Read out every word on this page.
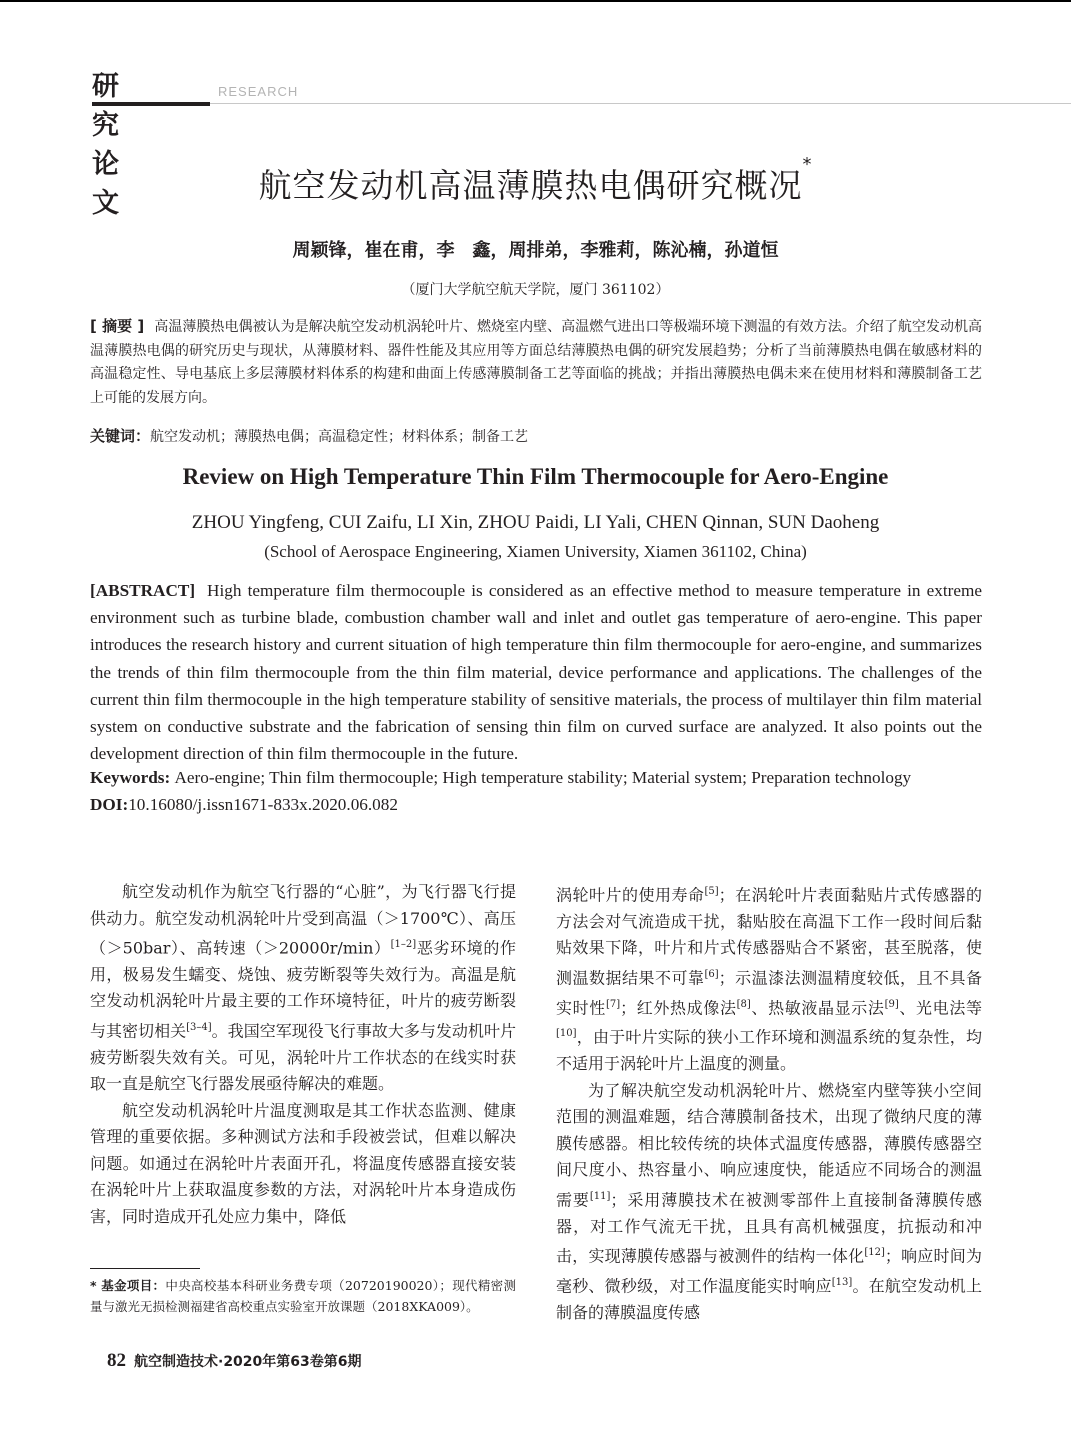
研究论文
RESEARCH
航空发动机高温薄膜热电偶研究概况*
周颖锋，崔在甫，李　鑫，周排弟，李雅莉，陈沁楠，孙道恒
（厦门大学航空航天学院，厦门 361102）
[ 摘要 ] 高温薄膜热电偶被认为是解决航空发动机涡轮叶片、燃烧室内壁、高温燃气进出口等极端环境下测温的有效方法。介绍了航空发动机高温薄膜热电偶的研究历史与现状，从薄膜材料、器件性能及其应用等方面总结薄膜热电偶的研究发展趋势；分析了当前薄膜热电偶在敏感材料的高温稳定性、导电基底上多层薄膜材料体系的构建和曲面上传感薄膜制备工艺等面临的挑战；并指出薄膜热电偶未来在使用材料和薄膜制备工艺上可能的发展方向。
关键词：航空发动机；薄膜热电偶；高温稳定性；材料体系；制备工艺
Review on High Temperature Thin Film Thermocouple for Aero-Engine
ZHOU Yingfeng, CUI Zaifu, LI Xin, ZHOU Paidi, LI Yali, CHEN Qinnan, SUN Daoheng
(School of Aerospace Engineering, Xiamen University, Xiamen 361102, China)
[ABSTRACT] High temperature film thermocouple is considered as an effective method to measure temperature in extreme environment such as turbine blade, combustion chamber wall and inlet and outlet gas temperature of aero-engine. This paper introduces the research history and current situation of high temperature thin film thermocouple for aero-engine, and summarizes the trends of thin film thermocouple from the thin film material, device performance and applications. The challenges of the current thin film thermocouple in the high temperature stability of sensitive materials, the process of multilayer thin film material system on conductive substrate and the fabrication of sensing thin film on curved surface are analyzed. It also points out the development direction of thin film thermocouple in the future.
Keywords: Aero-engine; Thin film thermocouple; High temperature stability; Material system; Preparation technology
DOI:10.16080/j.issn1671-833x.2020.06.082

航空发动机作为航空飞行器的“心脏”，为飞行器飞行提供动力。航空发动机涡轮叶片受到高温（＞1700℃）、高压（＞50bar）、高转速（＞20000r/min）[1–2]恶劣环境的作用，极易发生蠕变、烧蚀、疲劳断裂等失效行为。高温是航空发动机涡轮叶片最主要的工作环境特征，叶片的疲劳断裂与其密切相关[3–4]。我国空军现役飞行事故大多与发动机叶片疲劳断裂失效有关。可见，涡轮叶片工作状态的在线实时获取一直是航空飞行器发展亟待解决的难题。

航空发动机涡轮叶片温度测取是其工作状态监测、健康管理的重要依据。多种测试方法和手段被尝试，但难以解决问题。如通过在涡轮叶片表面开孔，将温度传感器直接安装在涡轮叶片上获取温度参数的方法，对涡轮叶片本身造成伤害，同时造成开孔处应力集中，降低

涡轮叶片的使用寿命[5]；在涡轮叶片表面黏贴片式传感器的方法会对气流造成干扰，黏贴胶在高温下工作一段时间后黏贴效果下降，叶片和片式传感器贴合不紧密，甚至脱落，使测温数据结果不可靠[6]；示温漆法测温精度较低，且不具备实时性[7]；红外热成像法[8]、热敏液晶显示法[9]、光电法等[10]，由于叶片实际的狭小工作环境和测温系统的复杂性，均不适用于涡轮叶片上温度的测量。

为了解决航空发动机涡轮叶片、燃烧室内壁等狭小空间范围的测温难题，结合薄膜制备技术，出现了微纳尺度的薄膜传感器。相比较传统的块体式温度传感器，薄膜传感器空间尺度小、热容量小、响应速度快，能适应不同场合的测温需要[11]；采用薄膜技术在被测零部件上直接制备薄膜传感器，对工作气流无干扰，且具有高机械强度，抗振动和冲击，实现薄膜传感器与被测件的结构一体化[12]；响应时间为毫秒、微秒级，对工作温度能实时响应[13]。在航空发动机上制备的薄膜温度传感

* 基金项目：中央高校基本科研业务费专项（20720190020）；现代精密测量与激光无损检测福建省高校重点实验室开放课题（2018XKA009）。
82 航空制造技术·2020年第63卷第6期
